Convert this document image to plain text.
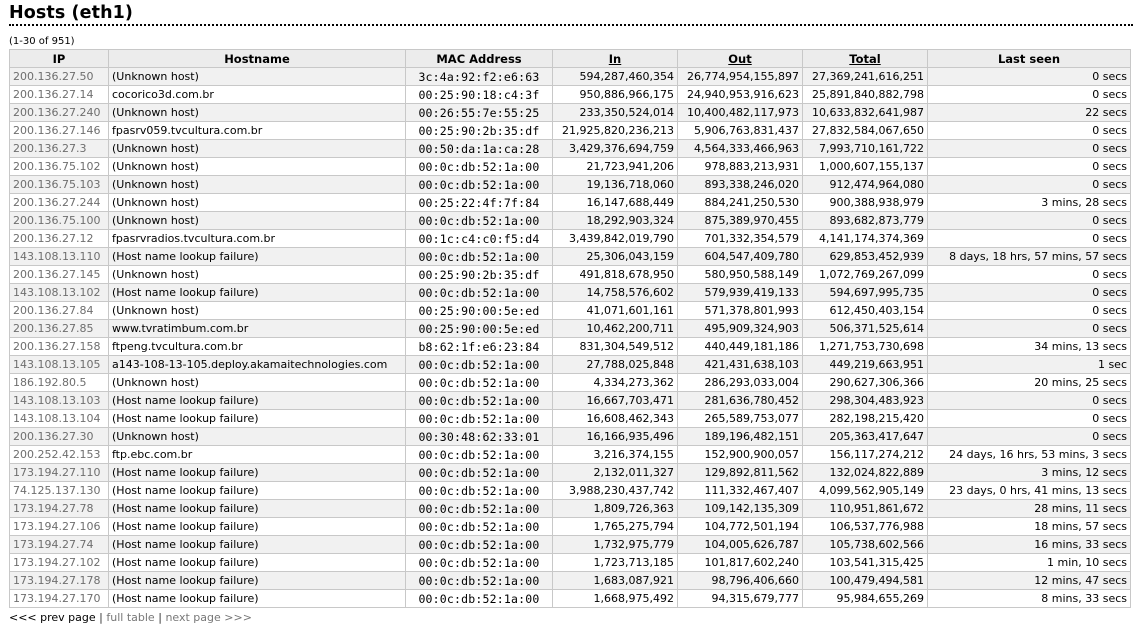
Hosts (eth1)
(1-30 of 951)
IP	Hostname	MAC Address	In	Out	Total	Last seen
200.136.27.50	(Unknown host)	3c:4a:92:f2:e6:63	594,287,460,354	26,774,954,155,897	27,369,241,616,251	0 secs
200.136.27.14	cocorico3d.com.br	00:25:90:18:c4:3f	950,886,966,175	24,940,953,916,623	25,891,840,882,798	0 secs
200.136.27.240	(Unknown host)	00:26:55:7e:55:25	233,350,524,014	10,400,482,117,973	10,633,832,641,987	22 secs
200.136.27.146	fpasrv059.tvcultura.com.br	00:25:90:2b:35:df	21,925,820,236,213	5,906,763,831,437	27,832,584,067,650	0 secs
200.136.27.3	(Unknown host)	00:50:da:1a:ca:28	3,429,376,694,759	4,564,333,466,963	7,993,710,161,722	0 secs
200.136.75.102	(Unknown host)	00:0c:db:52:1a:00	21,723,941,206	978,883,213,931	1,000,607,155,137	0 secs
200.136.75.103	(Unknown host)	00:0c:db:52:1a:00	19,136,718,060	893,338,246,020	912,474,964,080	0 secs
200.136.27.244	(Unknown host)	00:25:22:4f:7f:84	16,147,688,449	884,241,250,530	900,388,938,979	3 mins, 28 secs
200.136.75.100	(Unknown host)	00:0c:db:52:1a:00	18,292,903,324	875,389,970,455	893,682,873,779	0 secs
200.136.27.12	fpasrvradios.tvcultura.com.br	00:1c:c4:c0:f5:d4	3,439,842,019,790	701,332,354,579	4,141,174,374,369	0 secs
143.108.13.110	(Host name lookup failure)	00:0c:db:52:1a:00	25,306,043,159	604,547,409,780	629,853,452,939	8 days, 18 hrs, 57 mins, 57 secs
200.136.27.145	(Unknown host)	00:25:90:2b:35:df	491,818,678,950	580,950,588,149	1,072,769,267,099	0 secs
143.108.13.102	(Host name lookup failure)	00:0c:db:52:1a:00	14,758,576,602	579,939,419,133	594,697,995,735	0 secs
200.136.27.84	(Unknown host)	00:25:90:00:5e:ed	41,071,601,161	571,378,801,993	612,450,403,154	0 secs
200.136.27.85	www.tvratimbum.com.br	00:25:90:00:5e:ed	10,462,200,711	495,909,324,903	506,371,525,614	0 secs
200.136.27.158	ftpeng.tvcultura.com.br	b8:62:1f:e6:23:84	831,304,549,512	440,449,181,186	1,271,753,730,698	34 mins, 13 secs
143.108.13.105	a143-108-13-105.deploy.akamaitechnologies.com	00:0c:db:52:1a:00	27,788,025,848	421,431,638,103	449,219,663,951	1 sec
186.192.80.5	(Unknown host)	00:0c:db:52:1a:00	4,334,273,362	286,293,033,004	290,627,306,366	20 mins, 25 secs
143.108.13.103	(Host name lookup failure)	00:0c:db:52:1a:00	16,667,703,471	281,636,780,452	298,304,483,923	0 secs
143.108.13.104	(Host name lookup failure)	00:0c:db:52:1a:00	16,608,462,343	265,589,753,077	282,198,215,420	0 secs
200.136.27.30	(Unknown host)	00:30:48:62:33:01	16,166,935,496	189,196,482,151	205,363,417,647	0 secs
200.252.42.153	ftp.ebc.com.br	00:0c:db:52:1a:00	3,216,374,155	152,900,900,057	156,117,274,212	24 days, 16 hrs, 53 mins, 3 secs
173.194.27.110	(Host name lookup failure)	00:0c:db:52:1a:00	2,132,011,327	129,892,811,562	132,024,822,889	3 mins, 12 secs
74.125.137.130	(Host name lookup failure)	00:0c:db:52:1a:00	3,988,230,437,742	111,332,467,407	4,099,562,905,149	23 days, 0 hrs, 41 mins, 13 secs
173.194.27.78	(Host name lookup failure)	00:0c:db:52:1a:00	1,809,726,363	109,142,135,309	110,951,861,672	28 mins, 11 secs
173.194.27.106	(Host name lookup failure)	00:0c:db:52:1a:00	1,765,275,794	104,772,501,194	106,537,776,988	18 mins, 57 secs
173.194.27.74	(Host name lookup failure)	00:0c:db:52:1a:00	1,732,975,779	104,005,626,787	105,738,602,566	16 mins, 33 secs
173.194.27.102	(Host name lookup failure)	00:0c:db:52:1a:00	1,723,713,185	101,817,602,240	103,541,315,425	1 min, 10 secs
173.194.27.178	(Host name lookup failure)	00:0c:db:52:1a:00	1,683,087,921	98,796,406,660	100,479,494,581	12 mins, 47 secs
173.194.27.170	(Host name lookup failure)	00:0c:db:52:1a:00	1,668,975,492	94,315,679,777	95,984,655,269	8 mins, 33 secs
<<< prev page | full table | next page >>>
